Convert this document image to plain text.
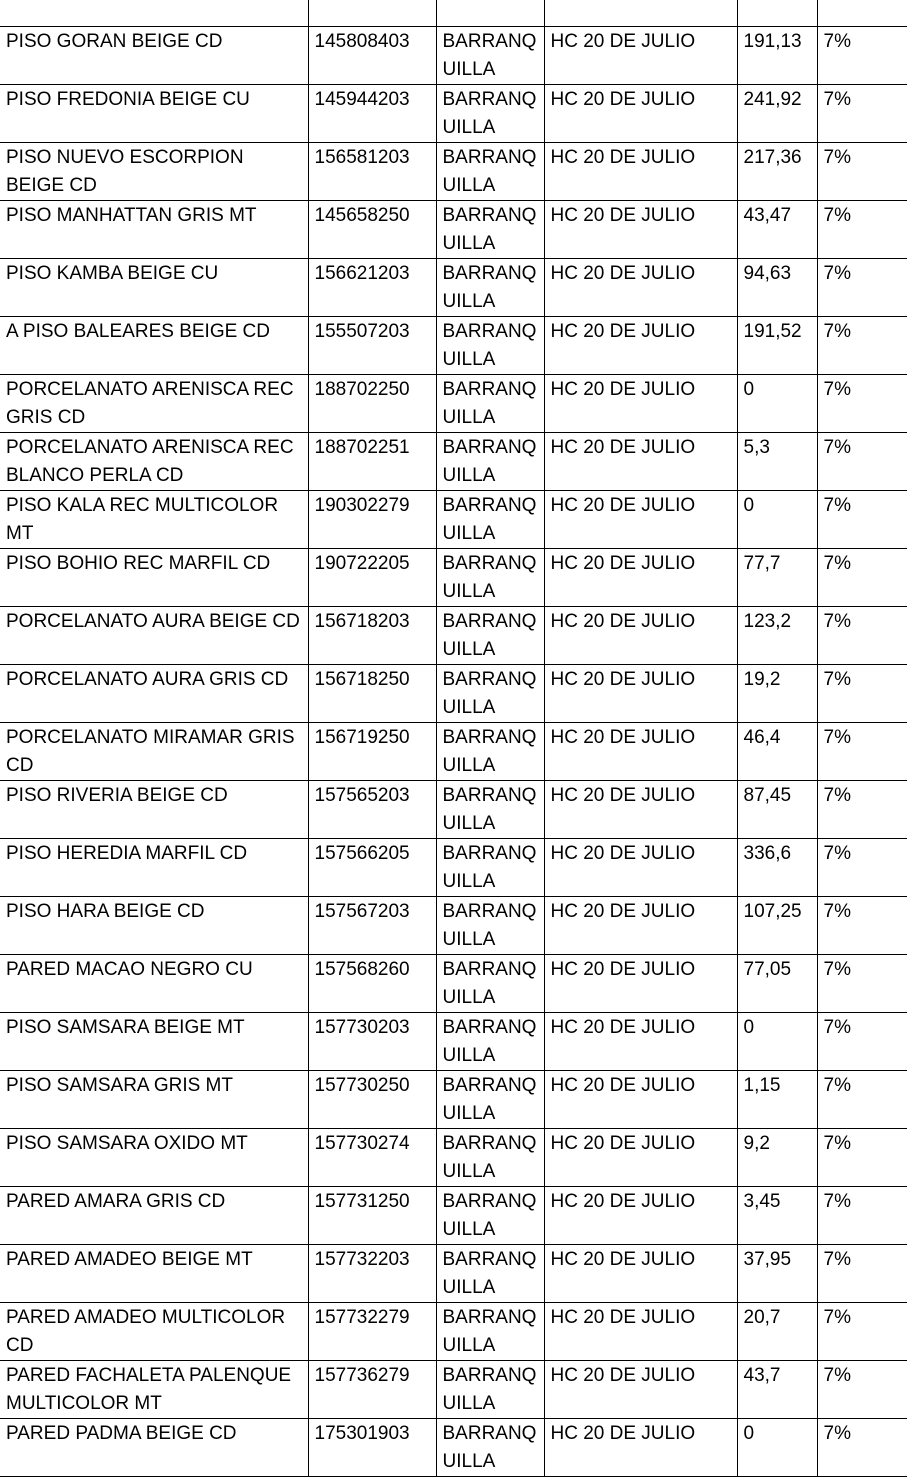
PISO GORAN BEIGE CD	145808403	BARRANQUILLA	HC 20 DE JULIO	191,13	7%
PISO FREDONIA BEIGE CU	145944203	BARRANQUILLA	HC 20 DE JULIO	241,92	7%
PISO NUEVO ESCORPION BEIGE CD	156581203	BARRANQUILLA	HC 20 DE JULIO	217,36	7%
PISO MANHATTAN GRIS MT	145658250	BARRANQUILLA	HC 20 DE JULIO	43,47	7%
PISO KAMBA BEIGE CU	156621203	BARRANQUILLA	HC 20 DE JULIO	94,63	7%
A PISO BALEARES BEIGE CD	155507203	BARRANQUILLA	HC 20 DE JULIO	191,52	7%
PORCELANATO ARENISCA REC GRIS CD	188702250	BARRANQUILLA	HC 20 DE JULIO	0	7%
PORCELANATO ARENISCA REC BLANCO PERLA CD	188702251	BARRANQUILLA	HC 20 DE JULIO	5,3	7%
PISO KALA REC MULTICOLOR MT	190302279	BARRANQUILLA	HC 20 DE JULIO	0	7%
PISO BOHIO REC MARFIL CD	190722205	BARRANQUILLA	HC 20 DE JULIO	77,7	7%
PORCELANATO AURA BEIGE CD	156718203	BARRANQUILLA	HC 20 DE JULIO	123,2	7%
PORCELANATO AURA GRIS CD	156718250	BARRANQUILLA	HC 20 DE JULIO	19,2	7%
PORCELANATO MIRAMAR GRIS CD	156719250	BARRANQUILLA	HC 20 DE JULIO	46,4	7%
PISO RIVERIA BEIGE CD	157565203	BARRANQUILLA	HC 20 DE JULIO	87,45	7%
PISO HEREDIA MARFIL CD	157566205	BARRANQUILLA	HC 20 DE JULIO	336,6	7%
PISO HARA BEIGE CD	157567203	BARRANQUILLA	HC 20 DE JULIO	107,25	7%
PARED MACAO NEGRO CU	157568260	BARRANQUILLA	HC 20 DE JULIO	77,05	7%
PISO SAMSARA BEIGE MT	157730203	BARRANQUILLA	HC 20 DE JULIO	0	7%
PISO SAMSARA GRIS MT	157730250	BARRANQUILLA	HC 20 DE JULIO	1,15	7%
PISO SAMSARA OXIDO MT	157730274	BARRANQUILLA	HC 20 DE JULIO	9,2	7%
PARED AMARA GRIS CD	157731250	BARRANQUILLA	HC 20 DE JULIO	3,45	7%
PARED AMADEO BEIGE MT	157732203	BARRANQUILLA	HC 20 DE JULIO	37,95	7%
PARED AMADEO MULTICOLOR CD	157732279	BARRANQUILLA	HC 20 DE JULIO	20,7	7%
PARED FACHALETA PALENQUE MULTICOLOR MT	157736279	BARRANQUILLA	HC 20 DE JULIO	43,7	7%
PARED PADMA BEIGE CD	175301903	BARRANQUILLA	HC 20 DE JULIO	0	7%
